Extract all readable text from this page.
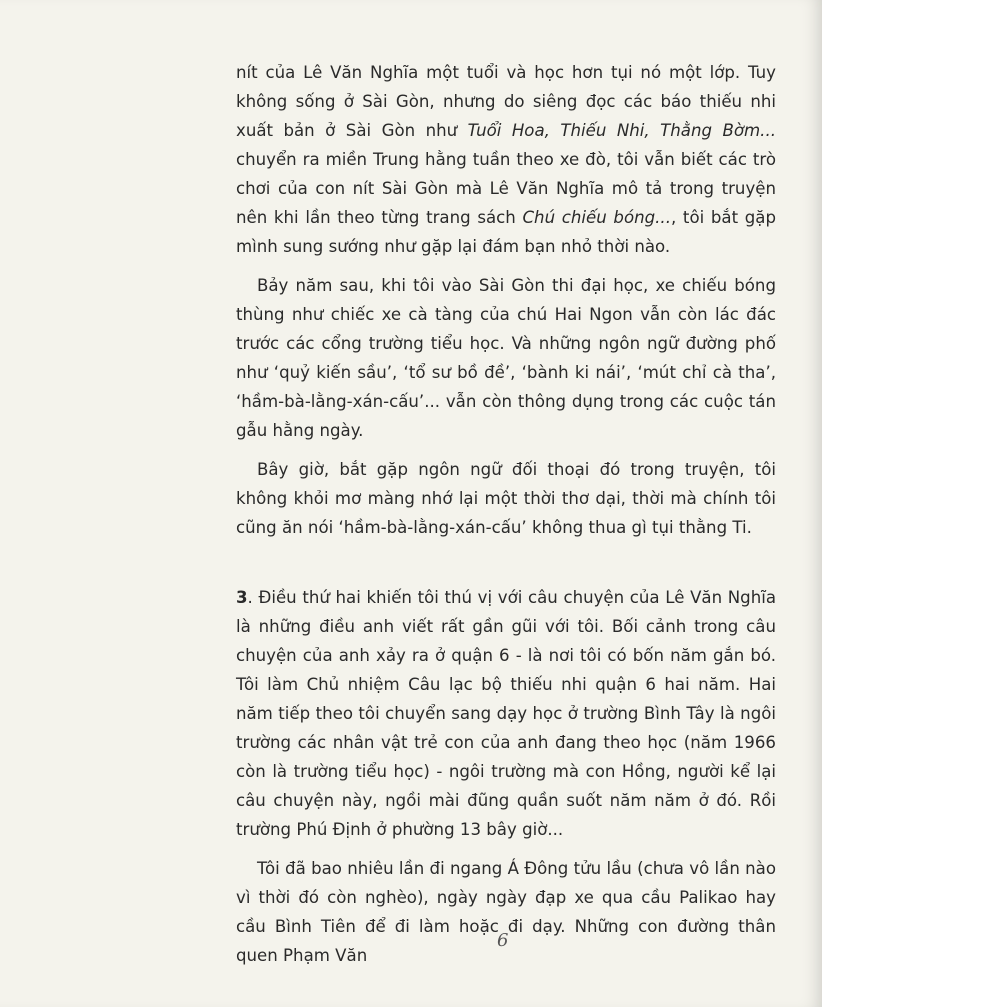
nít của Lê Văn Nghĩa một tuổi và học hơn tụi nó một lớp. Tuy không sống ở Sài Gòn, nhưng do siêng đọc các báo thiếu nhi xuất bản ở Sài Gòn như Tuổi Hoa, Thiếu Nhi, Thằng Bờm... chuyển ra miền Trung hằng tuần theo xe đò, tôi vẫn biết các trò chơi của con nít Sài Gòn mà Lê Văn Nghĩa mô tả trong truyện nên khi lần theo từng trang sách Chú chiếu bóng..., tôi bắt gặp mình sung sướng như gặp lại đám bạn nhỏ thời nào.

Bảy năm sau, khi tôi vào Sài Gòn thi đại học, xe chiếu bóng thùng như chiếc xe cà tàng của chú Hai Ngon vẫn còn lác đác trước các cổng trường tiểu học. Và những ngôn ngữ đường phố như ‘quỷ kiến sầu’, ‘tổ sư bồ đề’, ‘bành ki nái’, ‘mút chỉ cà tha’, ‘hầm-bà-lằng-xán-cấu’... vẫn còn thông dụng trong các cuộc tán gẫu hằng ngày.

Bây giờ, bắt gặp ngôn ngữ đối thoại đó trong truyện, tôi không khỏi mơ màng nhớ lại một thời thơ dại, thời mà chính tôi cũng ăn nói ‘hầm-bà-lằng-xán-cấu’ không thua gì tụi thằng Ti.

3. Điều thứ hai khiến tôi thú vị với câu chuyện của Lê Văn Nghĩa là những điều anh viết rất gần gũi với tôi. Bối cảnh trong câu chuyện của anh xảy ra ở quận 6 - là nơi tôi có bốn năm gắn bó. Tôi làm Chủ nhiệm Câu lạc bộ thiếu nhi quận 6 hai năm. Hai năm tiếp theo tôi chuyển sang dạy học ở trường Bình Tây là ngôi trường các nhân vật trẻ con của anh đang theo học (năm 1966 còn là trường tiểu học) - ngôi trường mà con Hồng, người kể lại câu chuyện này, ngồi mài đũng quần suốt năm năm ở đó. Rồi trường Phú Định ở phường 13 bây giờ...

Tôi đã bao nhiêu lần đi ngang Á Đông tửu lầu (chưa vô lần nào vì thời đó còn nghèo), ngày ngày đạp xe qua cầu Palikao hay cầu Bình Tiên để đi làm hoặc đi dạy. Những con đường thân quen Phạm Văn

6
